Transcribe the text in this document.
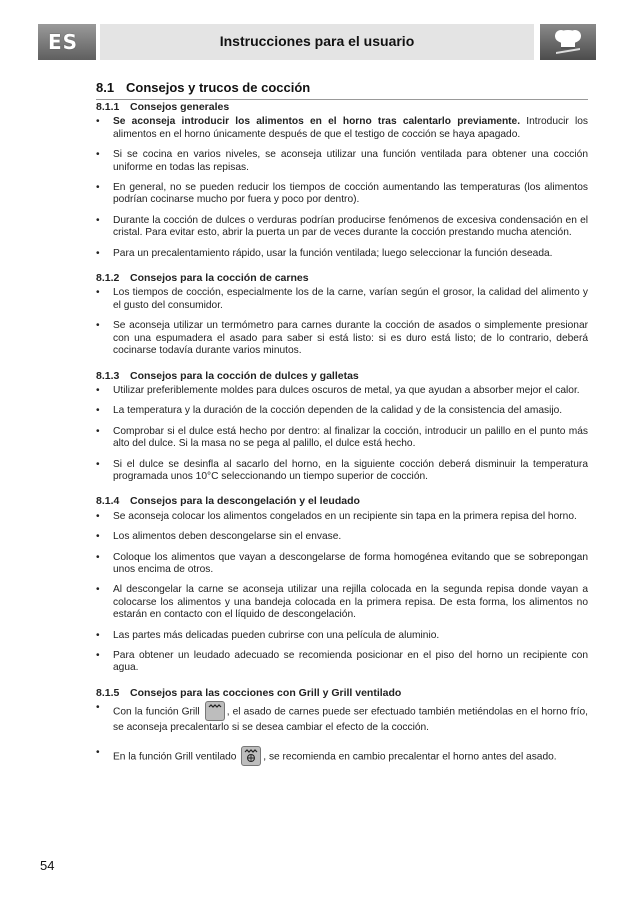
ES	Instrucciones para el usuario
8.1 Consejos y trucos de cocción
8.1.1 Consejos generales
• Se aconseja introducir los alimentos en el horno tras calentarlo previamente. Introducir los alimentos en el horno únicamente después de que el testigo de cocción se haya apagado.
• Si se cocina en varios niveles, se aconseja utilizar una función ventilada para obtener una cocción uniforme en todas las repisas.
• En general, no se pueden reducir los tiempos de cocción aumentando las temperaturas (los alimentos podrían cocinarse mucho por fuera y poco por dentro).
• Durante la cocción de dulces o verduras podrían producirse fenómenos de excesiva condensación en el cristal. Para evitar esto, abrir la puerta un par de veces durante la cocción prestando mucha atención.
• Para un precalentamiento rápido, usar la función ventilada; luego seleccionar la función deseada.
8.1.2 Consejos para la cocción de carnes
• Los tiempos de cocción, especialmente los de la carne, varían según el grosor, la calidad del alimento y el gusto del consumidor.
• Se aconseja utilizar un termómetro para carnes durante la cocción de asados o simplemente presionar con una espumadera el asado para saber si está listo: si es duro está listo; de lo contrario, deberá cocinarse todavía durante varios minutos.
8.1.3 Consejos para la cocción de dulces y galletas
• Utilizar preferiblemente moldes para dulces oscuros de metal, ya que ayudan a absorber mejor el calor.
• La temperatura y la duración de la cocción dependen de la calidad y de la consistencia del amasijo.
• Comprobar si el dulce está hecho por dentro: al finalizar la cocción, introducir un palillo en el punto más alto del dulce. Si la masa no se pega al palillo, el dulce está hecho.
• Si el dulce se desinfla al sacarlo del horno, en la siguiente cocción deberá disminuir la temperatura programada unos 10°C seleccionando un tiempo superior de cocción.
8.1.4 Consejos para la descongelación y el leudado
• Se aconseja colocar los alimentos congelados en un recipiente sin tapa en la primera repisa del horno.
• Los alimentos deben descongelarse sin el envase.
• Coloque los alimentos que vayan a descongelarse de forma homogénea evitando que se sobrepongan unos encima de otros.
• Al descongelar la carne se aconseja utilizar una rejilla colocada en la segunda repisa donde vayan a colocarse los alimentos y una bandeja colocada en la primera repisa. De esta forma, los alimentos no estarán en contacto con el líquido de descongelación.
• Las partes más delicadas pueden cubrirse con una película de aluminio.
• Para obtener un leudado adecuado se recomienda posicionar en el piso del horno un recipiente con agua.
8.1.5 Consejos para las cocciones con Grill y Grill ventilado
• Con la función Grill
, el asado de carnes puede ser efectuado también metiéndolas en el horno frío, se aconseja precalentarlo si se desea cambiar el efecto de la cocción.
• En la función Grill ventilado
, se recomienda en cambio precalentar el horno antes del asado.
54
